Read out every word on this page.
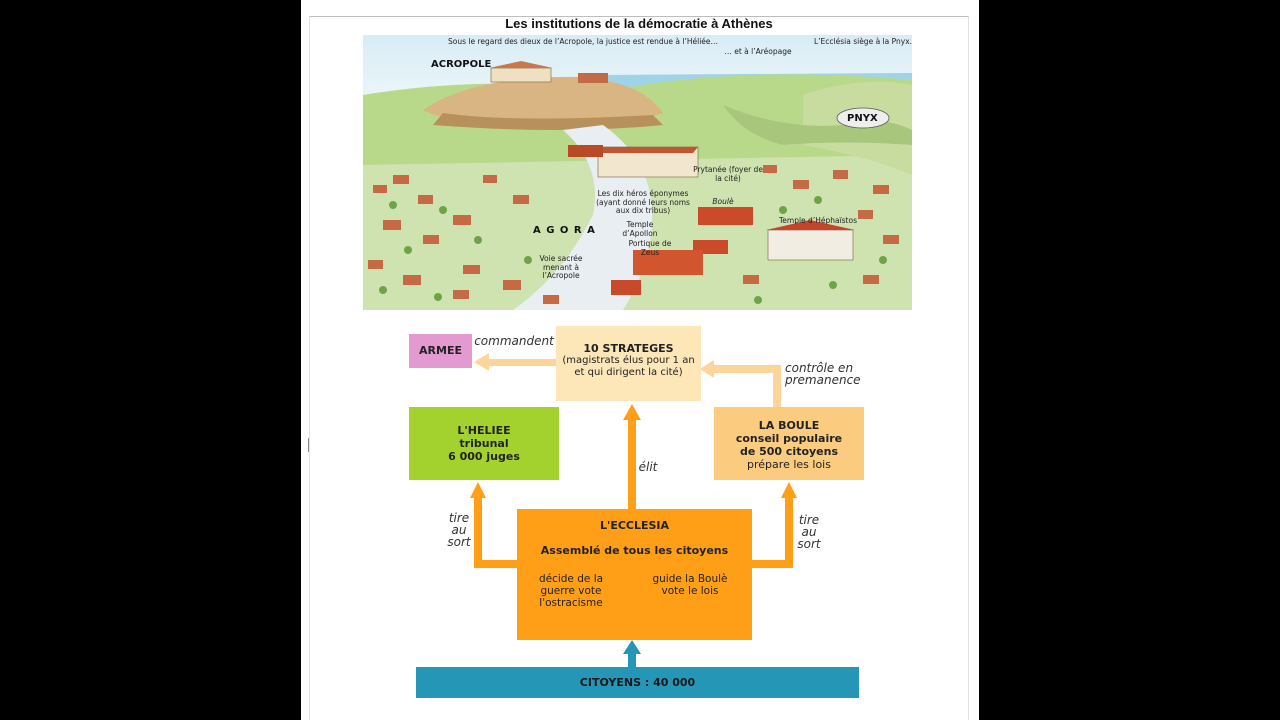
Les institutions de la démocratie à Athènes
Sous le regard des dieux de l’Acropole, la justice est rendue à l’Héliée…
… et à l’Aréopage
L’Ecclésia siège à la Pnyx.
ACROPOLE
PNYX
A G O R A
Prytanée (foyer de la cité)
Les dix héros éponymes (ayant donné leurs noms aux dix tribus)
Boulè
Temple d’Apollon
Portique de Zeus
Temple d’Héphaïstos
Voie sacrée menant à l’Acropole
ARMEE
commandent
10 STRATEGES
(magistrats élus pour 1 an et qui dirigent la cité)	contrôle en premanence
L'HELIEE
tribunal
6 000 juges
LA BOULE
conseil populaire
de 500 citoyens
prépare les lois
élit
tire au sort
tire au sort
L'ECCLESIA
Assemblé de tous les citoyens
décide de la guerre vote l'ostracisme
guide la Boulè vote le lois
CITOYENS : 40 000
